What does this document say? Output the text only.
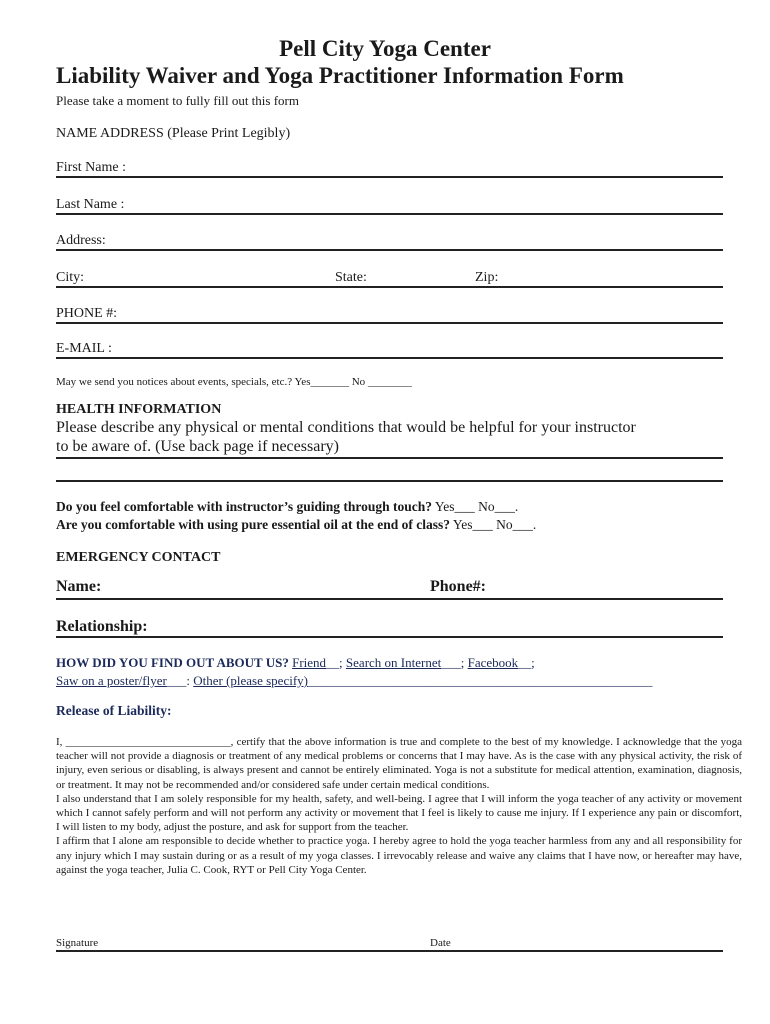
Pell City Yoga Center
Liability Waiver and Yoga Practitioner Information Form
Please take a moment to fully fill out this form
NAME ADDRESS (Please Print Legibly)
First Name :
Last Name :
Address:
City:	State:	Zip:
PHONE #:
E-MAIL :
May we send you notices about events, specials, etc.? Yes_______ No ________
HEALTH INFORMATION
Please describe any physical or mental conditions that would be helpful for your instructor
to be aware of. (Use back page if necessary)
Do you feel comfortable with instructor’s guiding through touch? Yes___ No___.
Are you comfortable with using pure essential oil at the end of class? Yes___ No___.
EMERGENCY CONTACT
Name:	Phone#:
Relationship:
HOW DID YOU FIND OUT ABOUT US? Friend__; Search on Internet___; Facebook__;
Saw on a poster/flyer___: Other (please specify)_____________________________________________________
Release of Liability:

I, ______________________________, certify that the above information is true and complete to the best of my knowledge. I acknowledge that the yoga teacher will not provide a diagnosis or treatment of any medical problems or concerns that I may have. As is the case with any physical activity, the risk of injury, even serious or disabling, is always present and cannot be entirely eliminated. Yoga is not a substitute for medical attention, examination, diagnosis, or treatment. It may not be recommended and/or considered safe under certain medical conditions.

I also understand that I am solely responsible for my health, safety, and well-being. I agree that I will inform the yoga teacher of any activity or movement which I cannot safely perform and will not perform any activity or movement that I feel is likely to cause me injury. If I experience any pain or discomfort, I will listen to my body, adjust the posture, and ask for support from the teacher.

I affirm that I alone am responsible to decide whether to practice yoga. I hereby agree to hold the yoga teacher harmless from any and all responsibility for any injury which I may sustain during or as a result of my yoga classes. I irrevocably release and waive any claims that I have now, or hereafter may have, against the yoga teacher, Julia C. Cook, RYT or Pell City Yoga Center.

Signature	Date
